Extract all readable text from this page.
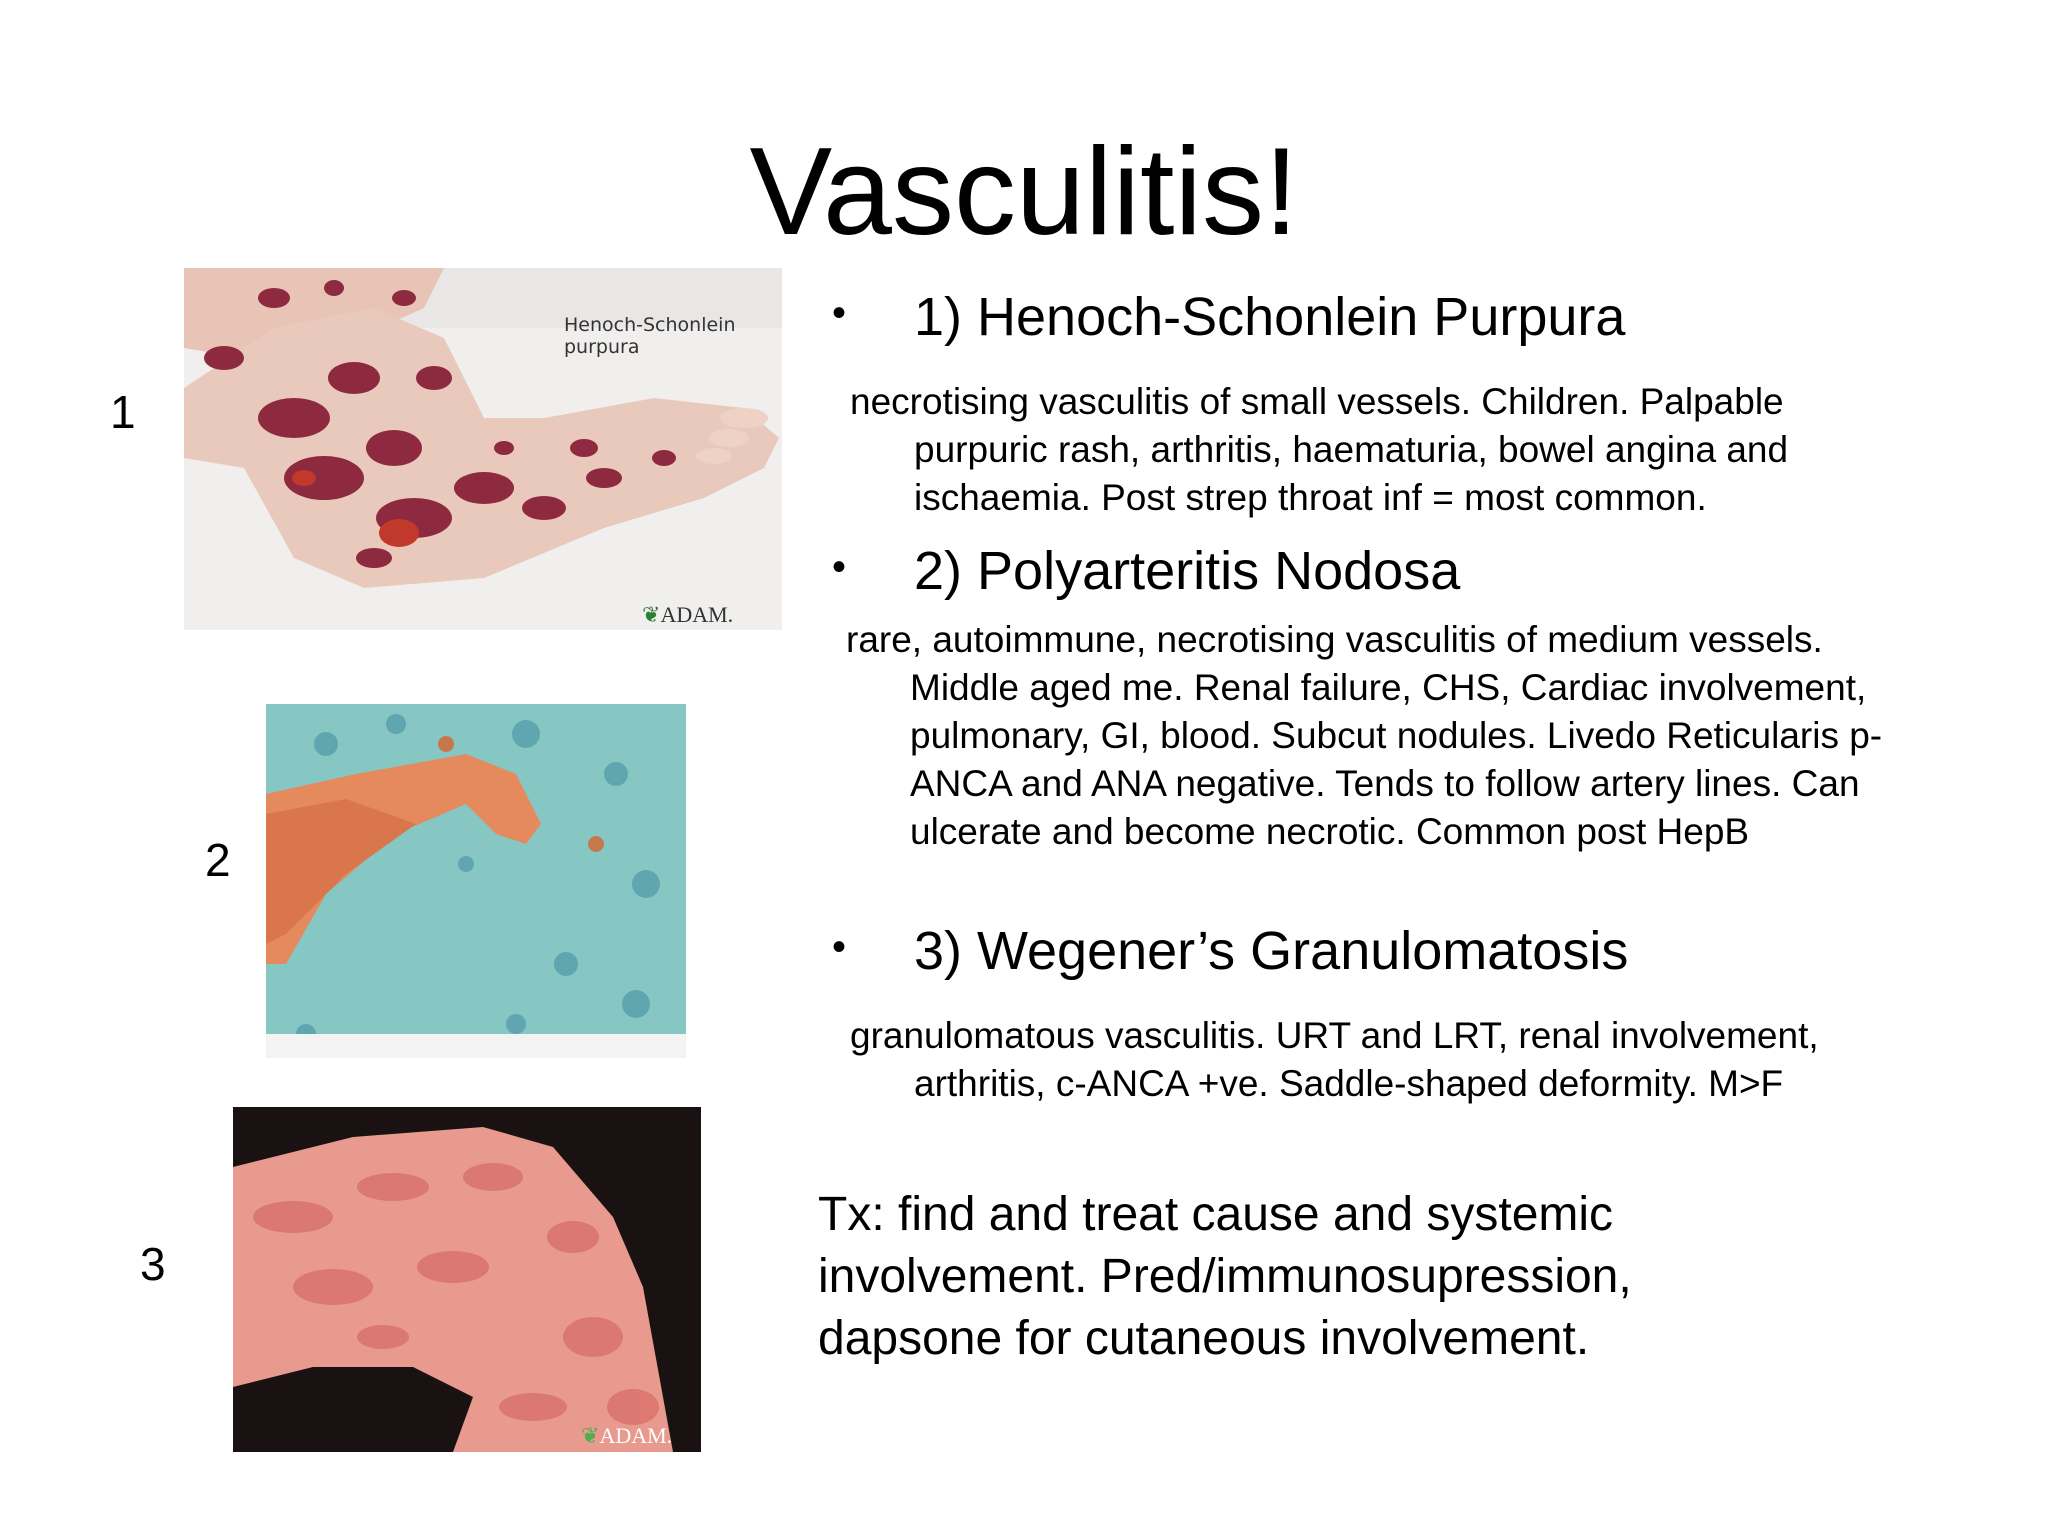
Vasculitis!
Henoch-Schonlein
purpura
❦ADAM.
1
2
❦ADAM.
3
• 1) Henoch-Schonlein Purpura
necrotising vasculitis of small vessels. Children. Palpable purpuric rash, arthritis, haematuria, bowel angina and ischaemia. Post strep throat inf = most common.
• 2) Polyarteritis Nodosa
rare, autoimmune, necrotising vasculitis of medium vessels. Middle aged me. Renal failure, CHS, Cardiac involvement, pulmonary, GI, blood. Subcut nodules. Livedo Reticularis p-ANCA and ANA negative. Tends to follow artery lines. Can ulcerate and become necrotic. Common post HepB
• 3) Wegener’s Granulomatosis
granulomatous vasculitis. URT and LRT, renal involvement, arthritis, c-ANCA +ve. Saddle-shaped deformity. M>F
Tx: find and treat cause and systemic involvement. Pred/immunosupression, dapsone for cutaneous involvement.
